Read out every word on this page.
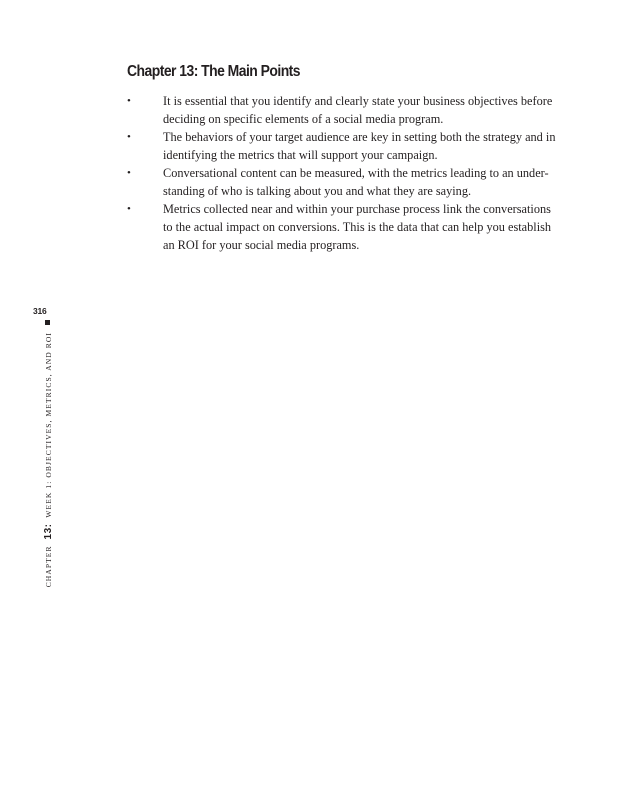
Chapter 13: The Main Points
•	It is essential that you identify and clearly state your business objectives before
deciding on specific elements of a social media program.
•	The behaviors of your target audience are key in setting both the strategy and in
identifying the metrics that will support your campaign.
•	Conversational content can be measured, with the metrics leading to an under-
standing of who is talking about you and what they are saying.
•	Metrics collected near and within your purchase process link the conversations
to the actual impact on conversions. This is the data that can help you establish
an ROI for your social media programs.
316
CHAPTER 13: WEEK 1: OBJECTIVES, METRICS, AND ROI
